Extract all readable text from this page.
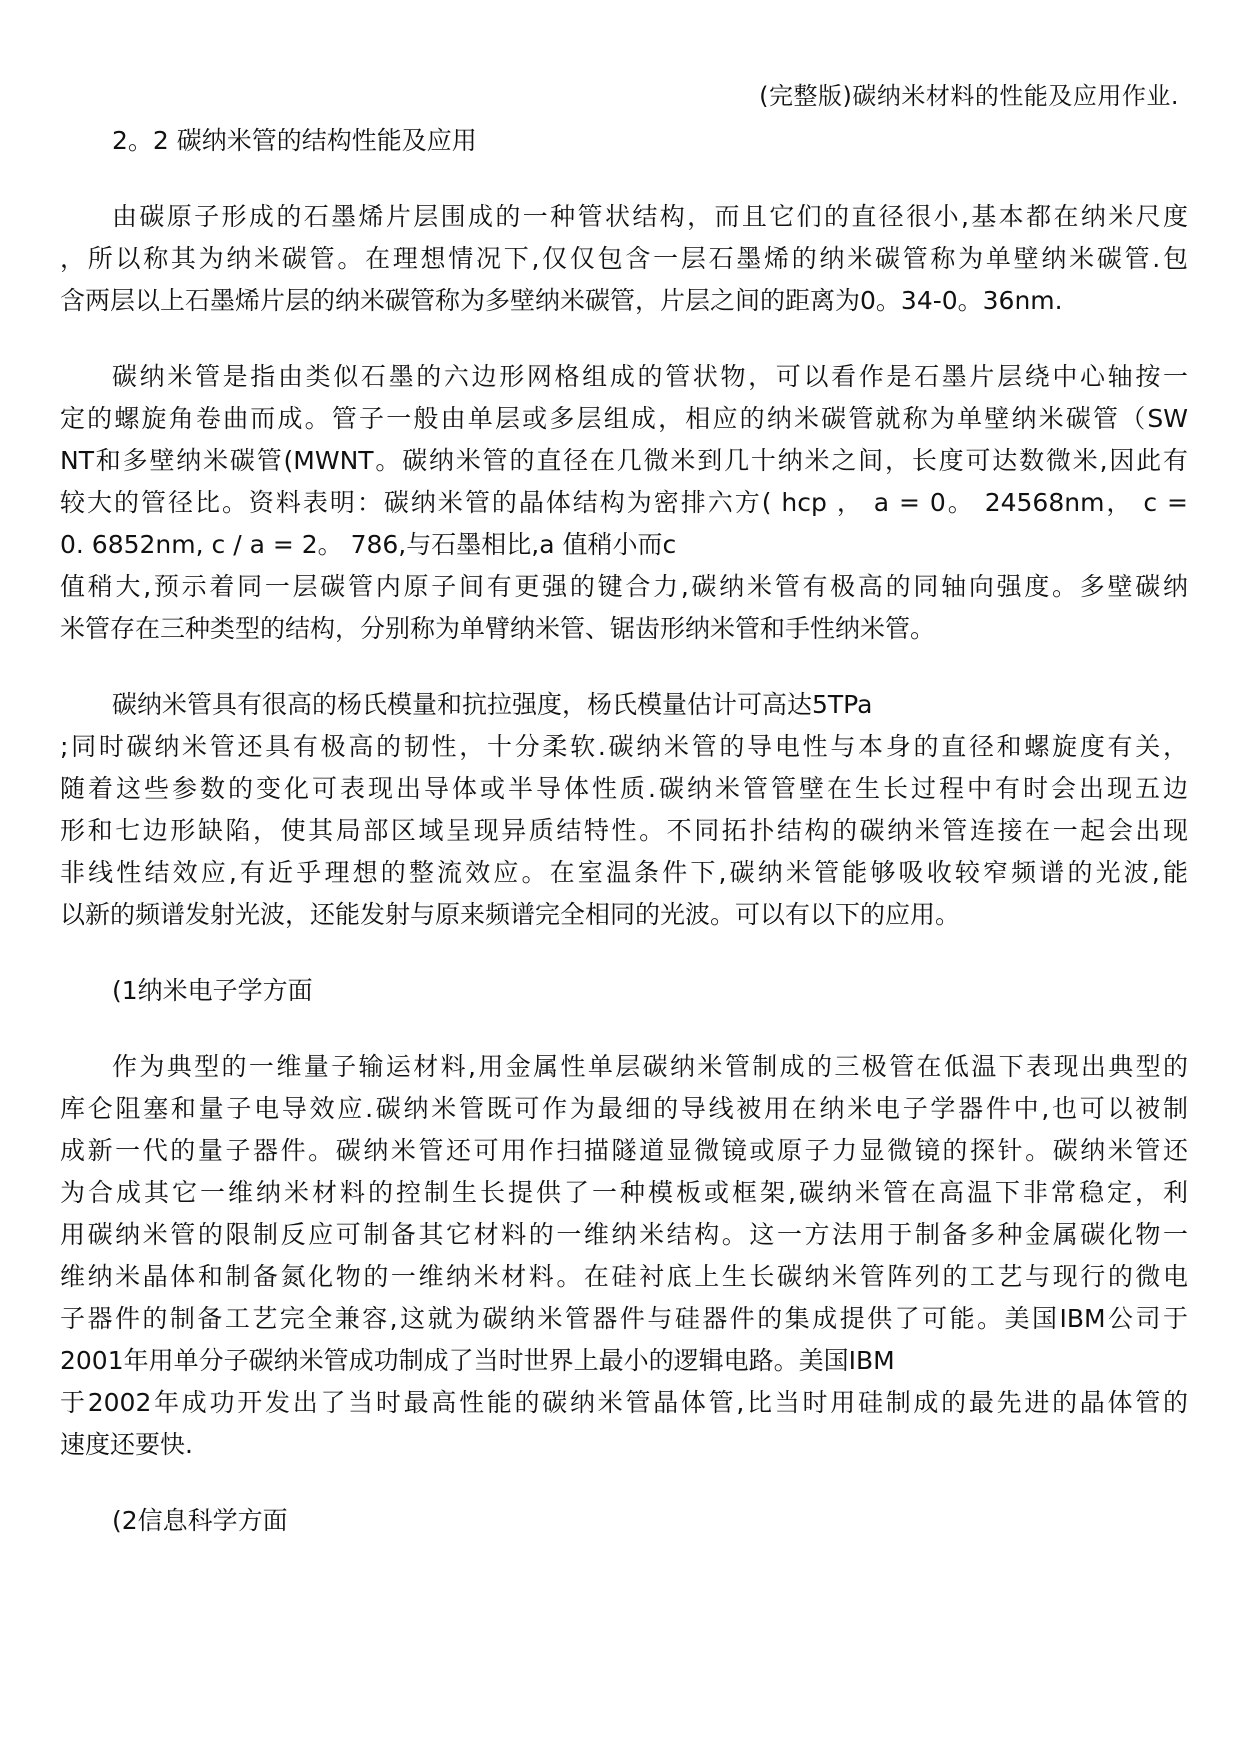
(完整版)碳纳米材料的性能及应用作业.
2。2 碳纳米管的结构性能及应用
由碳原子形成的石墨烯片层围成的一种管状结构，而且它们的直径很小,基本都在纳米尺度
，所以称其为纳米碳管。在理想情况下,仅仅包含一层石墨烯的纳米碳管称为单壁纳米碳管.包
含两层以上石墨烯片层的纳米碳管称为多壁纳米碳管，片层之间的距离为0。34-0。36nm.
碳纳米管是指由类似石墨的六边形网格组成的管状物，可以看作是石墨片层绕中心轴按一
定的螺旋角卷曲而成。管子一般由单层或多层组成，相应的纳米碳管就称为单壁纳米碳管（SW
NT和多壁纳米碳管(MWNT。碳纳米管的直径在几微米到几十纳米之间，长度可达数微米,因此有
较大的管径比。资料表明：碳纳米管的晶体结构为密排六方( hcp ， a = 0。 24568nm， c =
0. 6852nm, c / a = 2。 786,与石墨相比,a 值稍小而c
值稍大,预示着同一层碳管内原子间有更强的键合力,碳纳米管有极高的同轴向强度。多壁碳纳
米管存在三种类型的结构，分别称为单臂纳米管、锯齿形纳米管和手性纳米管。
碳纳米管具有很高的杨氏模量和抗拉强度，杨氏模量估计可高达5TPa
;同时碳纳米管还具有极高的韧性，十分柔软.碳纳米管的导电性与本身的直径和螺旋度有关，
随着这些参数的变化可表现出导体或半导体性质.碳纳米管管壁在生长过程中有时会出现五边
形和七边形缺陷，使其局部区域呈现异质结特性。不同拓扑结构的碳纳米管连接在一起会出现
非线性结效应,有近乎理想的整流效应。在室温条件下,碳纳米管能够吸收较窄频谱的光波,能
以新的频谱发射光波，还能发射与原来频谱完全相同的光波。可以有以下的应用。
(1纳米电子学方面
作为典型的一维量子输运材料,用金属性单层碳纳米管制成的三极管在低温下表现出典型的
库仑阻塞和量子电导效应.碳纳米管既可作为最细的导线被用在纳米电子学器件中,也可以被制
成新一代的量子器件。碳纳米管还可用作扫描隧道显微镜或原子力显微镜的探针。碳纳米管还
为合成其它一维纳米材料的控制生长提供了一种模板或框架,碳纳米管在高温下非常稳定，利
用碳纳米管的限制反应可制备其它材料的一维纳米结构。这一方法用于制备多种金属碳化物一
维纳米晶体和制备氮化物的一维纳米材料。在硅衬底上生长碳纳米管阵列的工艺与现行的微电
子器件的制备工艺完全兼容,这就为碳纳米管器件与硅器件的集成提供了可能。美国IBM公司于
2001年用单分子碳纳米管成功制成了当时世界上最小的逻辑电路。美国IBM
于2002年成功开发出了当时最高性能的碳纳米管晶体管,比当时用硅制成的最先进的晶体管的
速度还要快.
(2信息科学方面
